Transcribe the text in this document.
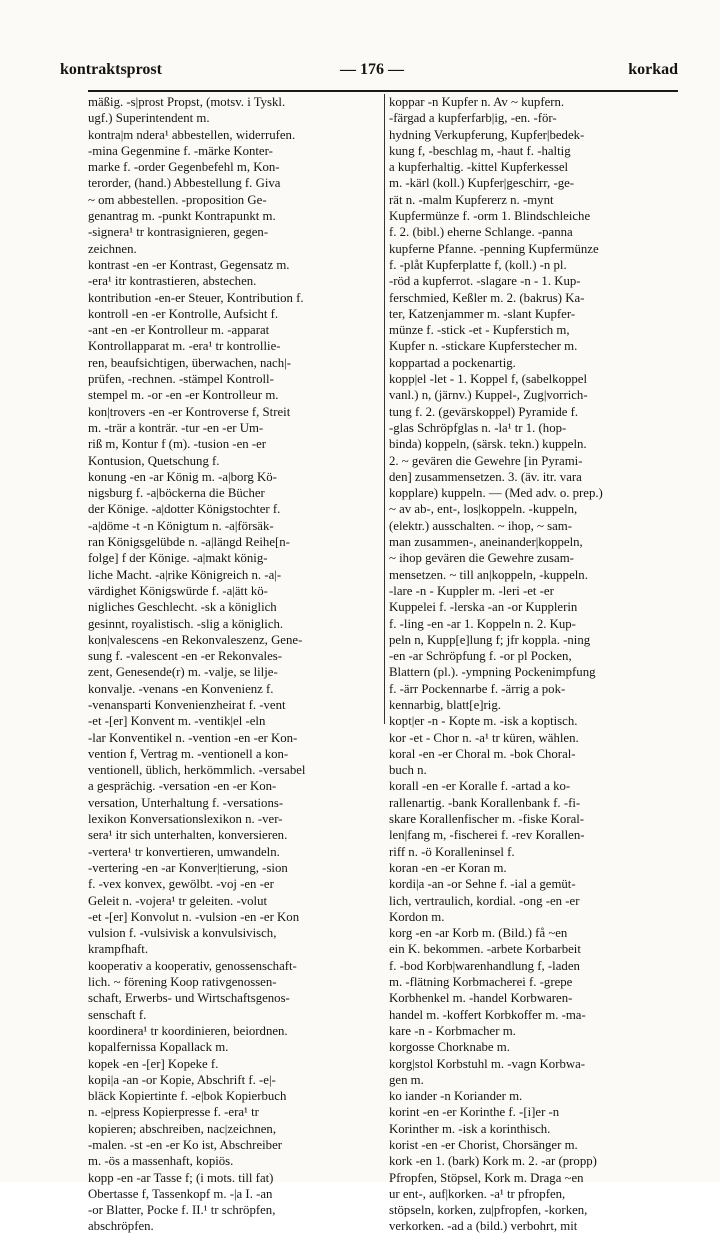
kontraktsprost	— 176 —	korkad
mäßig. -s|prost Propst, (motsv. i Tyskl.
ugf.) Superintendent m.
kontra|m ndera¹ abbestellen, widerrufen.
-mina Gegenmine f. -märke Konter-
marke f. -order Gegenbefehl m, Kon-
terorder, (hand.) Abbestellung f. Giva
~ om abbestellen. -proposition Ge-
genantrag m. -punkt Kontrapunkt m.
-signera¹ tr kontrasignieren, gegen-
zeichnen.
kontrast -en -er Kontrast, Gegensatz m.
-era¹ itr kontrastieren, abstechen.
kontribution -en-er Steuer, Kontribution f.
kontroll -en -er Kontrolle, Aufsicht f.
-ant -en -er Kontrolleur m. -apparat
Kontrollapparat m. -era¹ tr kontrollie-
ren, beaufsichtigen, überwachen, nach|-
prüfen, -rechnen. -stämpel Kontroll-
stempel m. -or -en -er Kontrolleur m.
kon|trovers -en -er Kontroverse f, Streit
m. -trär a konträr. -tur -en -er Um-
riß m, Kontur f (m). -tusion -en -er
Kontusion, Quetschung f.
konung -en -ar König m. -a|borg Kö-
nigsburg f. -a|böckerna die Bücher
der Könige. -a|dotter Königstochter f.
-a|döme -t -n Königtum n. -a|försäk-
ran Königsgelübde n. -a|längd Reihe[n-
folge] f der Könige. -a|makt könig-
liche Macht. -a|rike Königreich n. -a|-
värdighet Königswürde f. -a|ätt kö-
nigliches Geschlecht. -sk a königlich
gesinnt, royalistisch. -slig a königlich.
kon|valescens -en Rekonvaleszenz, Gene-
sung f. -valescent -en -er Rekonvales-
zent, Genesende(r) m. -valje, se lilje-
konvalje. -venans -en Konvenienz f.
-venansparti Konvenienzheirat f. -vent
-et -[er] Konvent m. -ventik|el -eln
-lar Konventikel n. -vention -en -er Kon-
vention f, Vertrag m. -ventionell a kon-
ventionell, üblich, herkömmlich. -versabel
a gesprächig. -versation -en -er Kon-
versation, Unterhaltung f. -versations-
lexikon Konversationslexikon n. -ver-
sera¹ itr sich unterhalten, konversieren.
-vertera¹ tr konvertieren, umwandeln.
-vertering -en -ar Konver|tierung, -sion
f. -vex konvex, gewölbt. -voj -en -er
Geleit n. -vojera¹ tr geleiten. -volut
-et -[er] Konvolut n. -vulsion -en -er Kon
vulsion f. -vulsivisk a konvulsivisch,
krampfhaft.
kooperativ a kooperativ, genossenschaft-
lich. ~ förening Koop rativgenossen-
schaft, Erwerbs- und Wirtschaftsgenos-
senschaft f.
koordinera¹ tr koordinieren, beiordnen.
kopalfernissa Kopallack m.
kopek -en -[er] Kopeke f.
kopi|a -an -or Kopie, Abschrift f. -e|-
bläck Kopiertinte f. -e|bok Kopierbuch
n. -e|press Kopierpresse f. -era¹ tr
kopieren; abschreiben, nac|zeichnen,
-malen. -st -en -er Ko ist, Abschreiber
m. -ös a massenhaft, kopiös.
kopp -en -ar Tasse f; (i mots. till fat)
Obertasse f, Tassenkopf m. -|a I. -an
-or Blatter, Pocke f. II.¹ tr schröpfen,
abschröpfen.
koppar -n Kupfer n. Av ~ kupfern.
-färgad a kupferfarb|ig, -en. -för-
hydning Verkupferung, Kupfer|bedek-
kung f, -beschlag m, -haut f. -haltig
a kupferhaltig. -kittel Kupferkessel
m. -kärl (koll.) Kupfer|geschirr, -ge-
rät n. -malm Kupfererz n. -mynt
Kupfermünze f. -orm 1. Blindschleiche
f. 2. (bibl.) eherne Schlange. -panna
kupferne Pfanne. -penning Kupfermünze
f. -plåt Kupferplatte f, (koll.) -n pl.
-röd a kupferrot. -slagare -n - 1. Kup-
ferschmied, Keßler m. 2. (bakrus) Ka-
ter, Katzenjammer m. -slant Kupfer-
münze f. -stick -et - Kupferstich m,
Kupfer n. -stickare Kupferstecher m.
koppartad a pockenartig.
kopp|el -let - 1. Koppel f, (sabelkoppel
vanl.) n, (järnv.) Kuppel-, Zug|vorrich-
tung f. 2. (gevärskoppel) Pyramide f.
-glas Schröpfglas n. -la¹ tr 1. (hop-
binda) koppeln, (särsk. tekn.) kuppeln.
2. ~ gevären die Gewehre [in Pyrami-
den] zusammensetzen. 3. (äv. itr. vara
kopplare) kuppeln. — (Med adv. o. prep.)
~ av ab-, ent-, los|koppeln. -kuppeln,
(elektr.) ausschalten. ~ ihop, ~ sam-
man zusammen-, aneinander|koppeln,
~ ihop gevären die Gewehre zusam-
mensetzen. ~ till an|koppeln, -kuppeln.
-lare -n - Kuppler m. -leri -et -er
Kuppelei f. -lerska -an -or Kupplerin
f. -ling -en -ar 1. Koppeln n. 2. Kup-
peln n, Kupp[e]lung f; jfr koppla. -ning
-en -ar Schröpfung f. -or pl Pocken,
Blattern (pl.). -ympning Pockenimpfung
f. -ärr Pockennarbe f. -ärrig a pok-
kennarbig, blatt[e]rig.
kopt|er -n - Kopte m. -isk a koptisch.
kor -et - Chor n. -a¹ tr küren, wählen.
koral -en -er Choral m. -bok Choral-
buch n.
korall -en -er Koralle f. -artad a ko-
rallenartig. -bank Korallenbank f. -fi-
skare Korallenfischer m. -fiske Koral-
len|fang m, -fischerei f. -rev Korallen-
riff n. -ö Koralleninsel f.
koran -en -er Koran m.
kordi|a -an -or Sehne f. -ial a gemüt-
lich, vertraulich, kordial. -ong -en -er
Kordon m.
korg -en -ar Korb m. (Bild.) få ~en
ein K. bekommen. -arbete Korbarbeit
f. -bod Korb|warenhandlung f, -laden
m. -flätning Korbmacherei f. -grepe
Korbhenkel m. -handel Korbwaren-
handel m. -koffert Korbkoffer m. -ma-
kare -n - Korbmacher m.
korgosse Chorknabe m.
korg|stol Korbstuhl m. -vagn Korbwa-
gen m.
ko iander -n Koriander m.
korint -en -er Korinthe f. -[i]er -n
Korinther m. -isk a korinthisch.
korist -en -er Chorist, Chorsänger m.
kork -en 1. (bark) Kork m. 2. -ar (propp)
Pfropfen, Stöpsel, Kork m. Draga ~en
ur ent-, auf|korken. -a¹ tr pfropfen,
stöpseln, korken, zu|pfropfen, -korken,
verkorken. -ad a (bild.) verbohrt, mit
